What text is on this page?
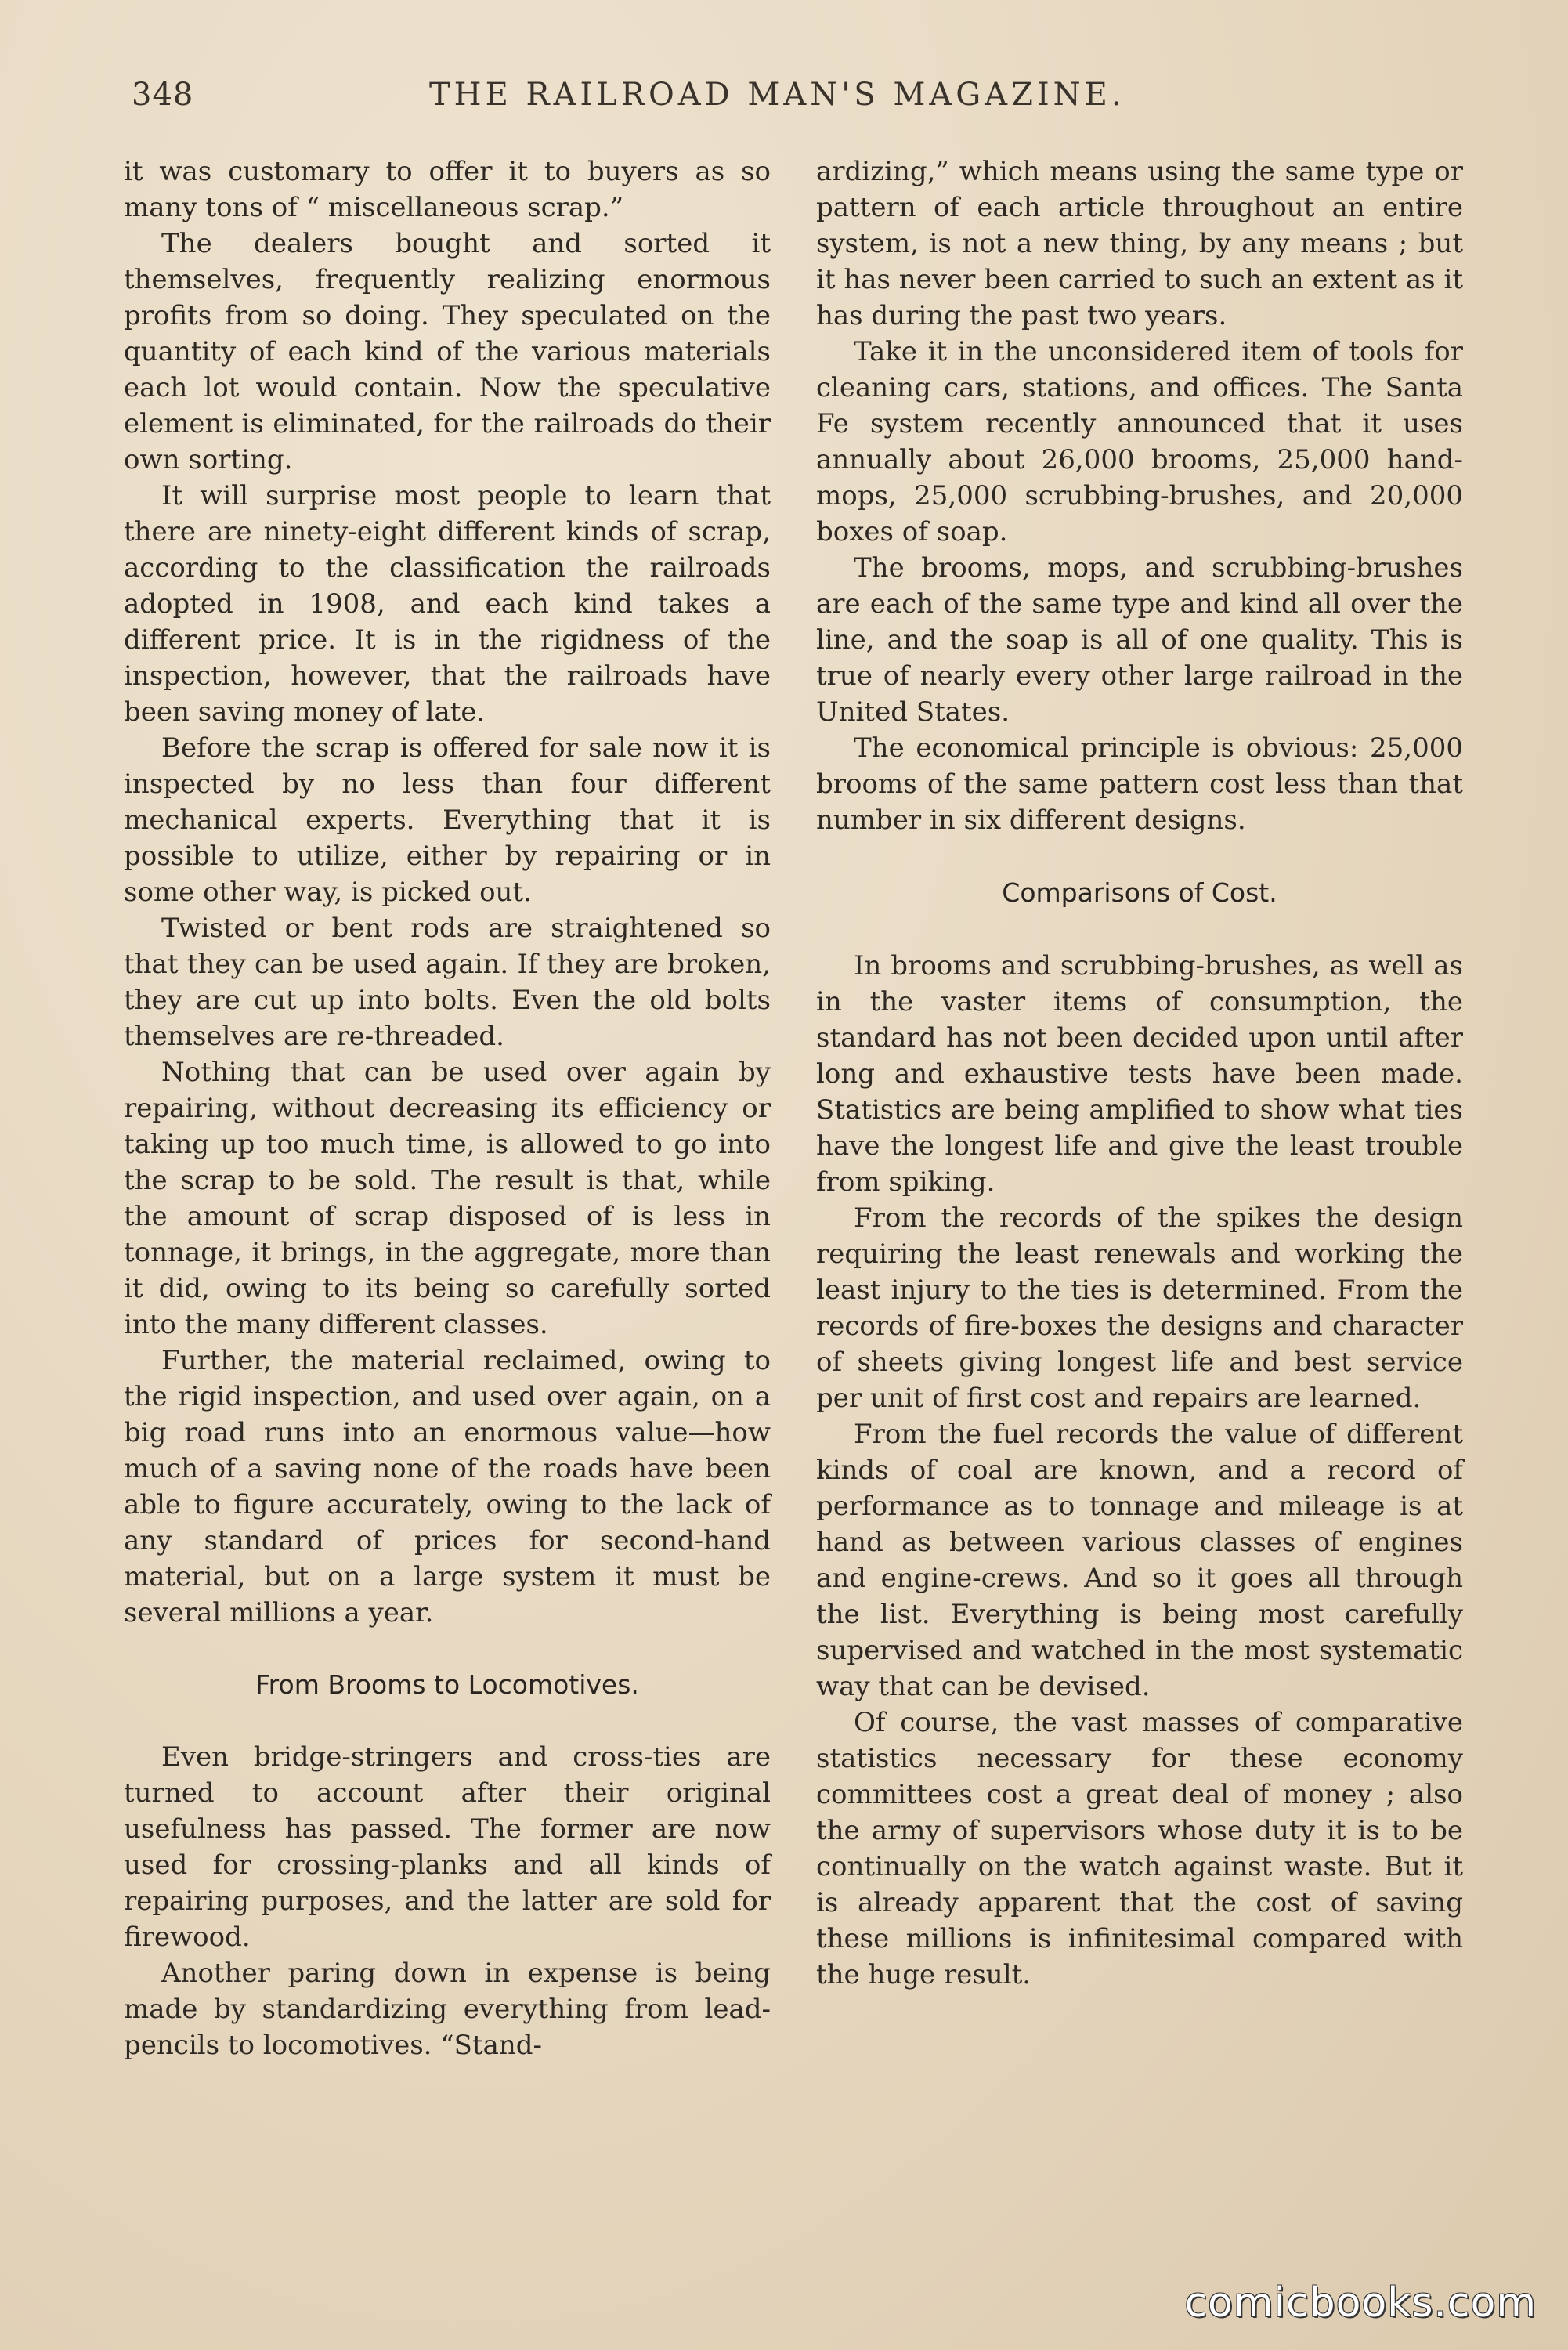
348	THE RAILROAD MAN'S MAGAZINE.

it was customary to offer it to buyers as so many tons of “ miscellaneous scrap.”

The dealers bought and sorted it themselves, frequently realizing enormous profits from so doing. They speculated on the quantity of each kind of the various materials each lot would contain. Now the speculative element is eliminated, for the railroads do their own sorting.

It will surprise most people to learn that there are ninety-eight different kinds of scrap, according to the classification the railroads adopted in 1908, and each kind takes a different price. It is in the rigidness of the inspection, however, that the railroads have been saving money of late.

Before the scrap is offered for sale now it is inspected by no less than four different mechanical experts. Everything that it is possible to utilize, either by repairing or in some other way, is picked out.

Twisted or bent rods are straightened so that they can be used again. If they are broken, they are cut up into bolts. Even the old bolts themselves are re-threaded.

Nothing that can be used over again by repairing, without decreasing its efficiency or taking up too much time, is allowed to go into the scrap to be sold. The result is that, while the amount of scrap disposed of is less in tonnage, it brings, in the aggregate, more than it did, owing to its being so carefully sorted into the many different classes.

Further, the material reclaimed, owing to the rigid inspection, and used over again, on a big road runs into an enormous value—how much of a saving none of the roads have been able to figure accurately, owing to the lack of any standard of prices for second-hand material, but on a large system it must be several millions a year.

From Brooms to Locomotives.

Even bridge-stringers and cross-ties are turned to account after their original usefulness has passed. The former are now used for crossing-planks and all kinds of repairing purposes, and the latter are sold for firewood.

Another paring down in expense is being made by standardizing everything from lead-pencils to locomotives. “Stand-

ardizing,” which means using the same type or pattern of each article throughout an entire system, is not a new thing, by any means ; but it has never been carried to such an extent as it has during the past two years.

Take it in the unconsidered item of tools for cleaning cars, stations, and offices. The Santa Fe system recently announced that it uses annually about 26,000 brooms, 25,000 hand-mops, 25,000 scrubbing-brushes, and 20,000 boxes of soap.

The brooms, mops, and scrubbing-brushes are each of the same type and kind all over the line, and the soap is all of one quality. This is true of nearly every other large railroad in the United States.

The economical principle is obvious: 25,000 brooms of the same pattern cost less than that number in six different designs.

Comparisons of Cost.

In brooms and scrubbing-brushes, as well as in the vaster items of consumption, the standard has not been decided upon until after long and exhaustive tests have been made. Statistics are being amplified to show what ties have the longest life and give the least trouble from spiking.

From the records of the spikes the design requiring the least renewals and working the least injury to the ties is determined. From the records of fire-boxes the designs and character of sheets giving longest life and best service per unit of first cost and repairs are learned.

From the fuel records the value of different kinds of coal are known, and a record of performance as to tonnage and mileage is at hand as between various classes of engines and engine-crews. And so it goes all through the list. Everything is being most carefully supervised and watched in the most systematic way that can be devised.

Of course, the vast masses of comparative statistics necessary for these economy committees cost a great deal of money ; also the army of supervisors whose duty it is to be continually on the watch against waste. But it is already apparent that the cost of saving these millions is infinitesimal compared with the huge result.

comicbooks.com
